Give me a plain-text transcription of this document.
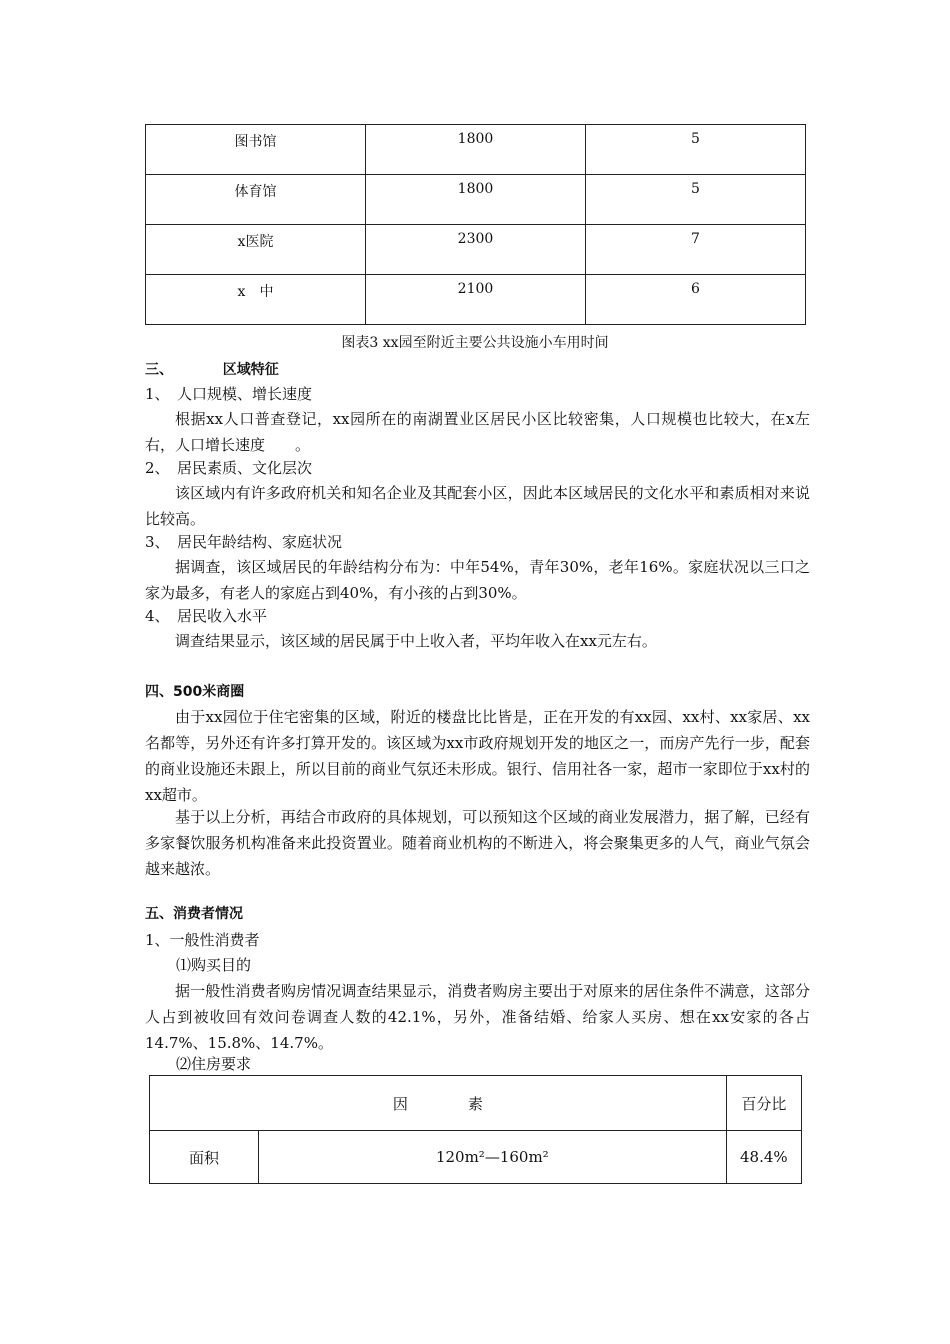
图书馆	1800	5
体育馆	1800	5
x医院	2300	7
x　中	2100	6
图表3 xx园至附近主要公共设施小车用时间
三、	区域特征
1、 人口规模、增长速度
根据xx人口普查登记，xx园所在的南湖置业区居民小区比较密集，人口规模也比较大，在x左右，人口增长速度　　。
2、 居民素质、文化层次
该区域内有许多政府机关和知名企业及其配套小区，因此本区域居民的文化水平和素质相对来说比较高。
3、 居民年龄结构、家庭状况
据调查，该区域居民的年龄结构分布为：中年54%，青年30%，老年16%。家庭状况以三口之家为最多，有老人的家庭占到40%，有小孩的占到30%。
4、 居民收入水平
调查结果显示，该区域的居民属于中上收入者，平均年收入在xx元左右。
四、500米商圈
由于xx园位于住宅密集的区域，附近的楼盘比比皆是，正在开发的有xx园、xx村、xx家居、xx名都等，另外还有许多打算开发的。该区域为xx市政府规划开发的地区之一，而房产先行一步，配套的商业设施还未跟上，所以目前的商业气氛还未形成。银行、信用社各一家，超市一家即位于xx村的xx超市。
基于以上分析，再结合市政府的具体规划，可以预知这个区域的商业发展潜力，据了解，已经有多家餐饮服务机构准备来此投资置业。随着商业机构的不断进入，将会聚集更多的人气，商业气氛会越来越浓。
五、消费者情况
1、一般性消费者
⑴购买目的
据一般性消费者购房情况调查结果显示，消费者购房主要出于对原来的居住条件不满意，这部分人占到被收回有效问卷调查人数的42.1%，另外，准备结婚、给家人买房、想在xx安家的各占14.7%、15.8%、14.7%。
⑵住房要求
因　　　　素		百分比
面积	120m²—160m²	48.4%
